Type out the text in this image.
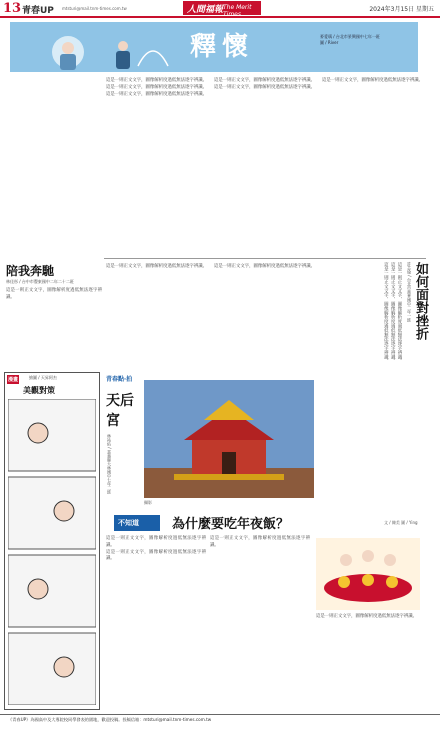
13 青春UP mtsturi@mail.tnm-times.com.tw	人間福報 The Merit Times
2024年3月15日 星期五
釋懷	麥愛瑀 / 台北市景興國中七年一班
圖 / River

這是一則正文文字，圖像解析度過低無法逐字辨識。

這是一則正文文字，圖像解析度過低無法逐字辨識。

這是一則正文文字，圖像解析度過低無法逐字辨識。

這是一則正文文字，圖像解析度過低無法逐字辨識。

這是一則正文文字，圖像解析度過低無法逐字辨識。

這是一則正文文字，圖像解析度過低無法逐字辨識。

陪我奔馳
林佳彤 / 台中市豐東國中二年二十二班

這是一則正文文字，圖像解析度過低無法逐字辨識。

這是一則正文文字，圖像解析度過低無法逐字辨識。 這是一則正文文字，圖像解析度過低無法逐字辨識。	如何面對挫折
許芯瑜 / 台北市萬華國中二年一班

這是一則正文文字，圖像解析度過低無法逐字辨識。

這是一則正文文字，圖像解析度過低無法逐字辨識。

這是一則正文文字，圖像解析度過低無法逐字辨識。

漫畫	繪圖 / 天昇阿杰
美觀對策
青春點‧拍
天后宮
林祐佑 / 嘉義縣大林國中七年二班
攝影
不知道	為什麼要吃年夜飯？	文 / 陳美 圖 / Ying

這是一則正文文字，圖像解析度過低無法逐字辨識。

這是一則正文文字，圖像解析度過低無法逐字辨識。

這是一則正文文字，圖像解析度過低無法逐字辨識。

這是一則正文文字，圖像解析度過低無法逐字辨識。

《青春UP》為國高中及大專院校同學發表的園地，歡迎投稿。投稿信箱：mtsturi@mail.tnm-times.com.tw
